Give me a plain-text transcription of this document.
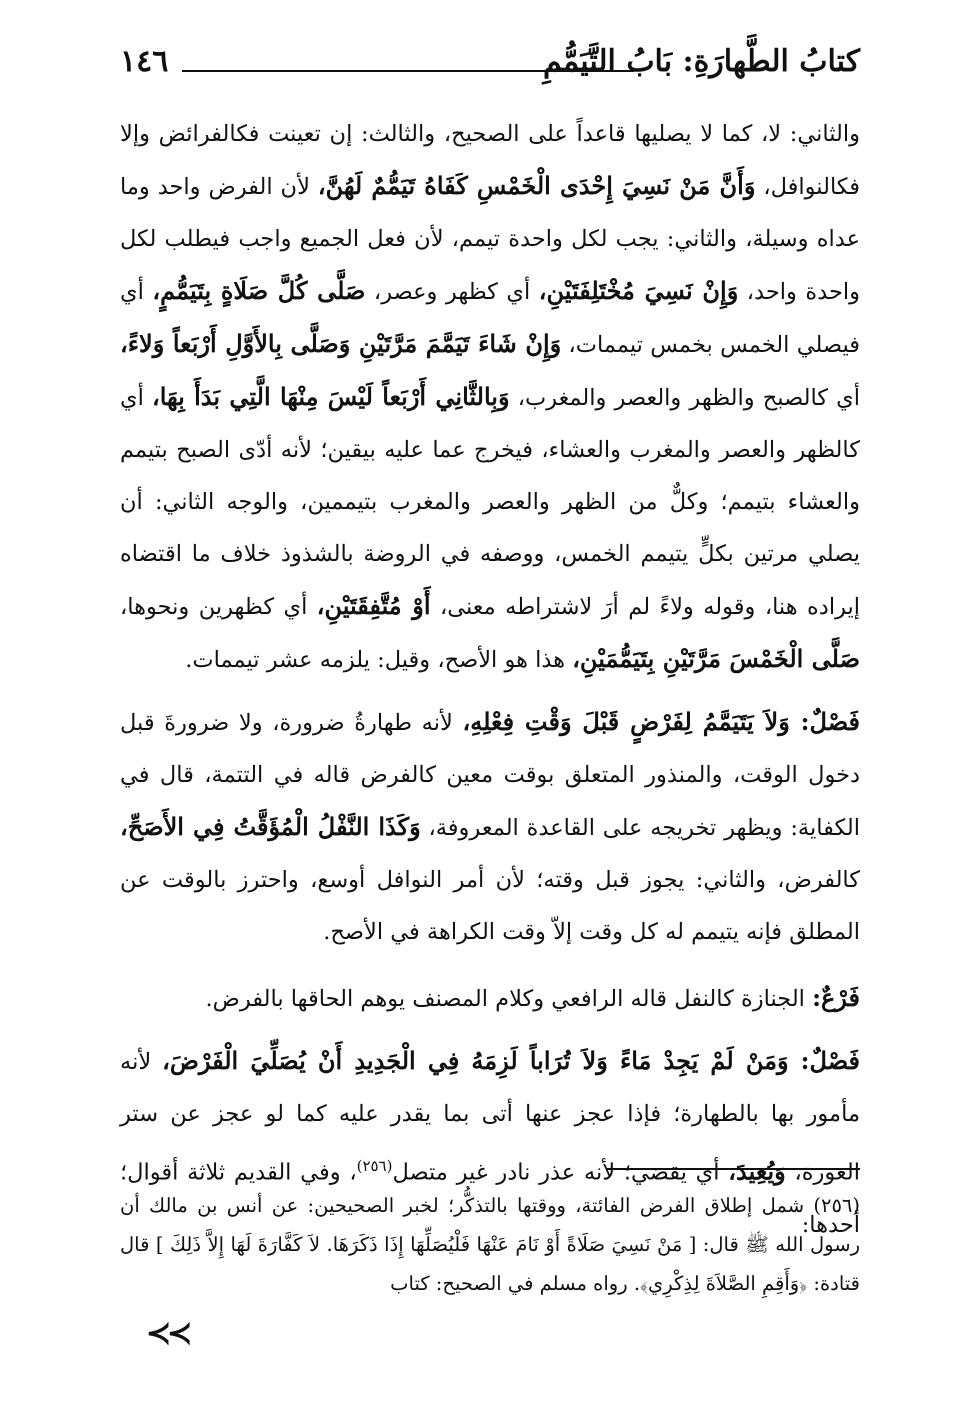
كتابُ الطَّهارَةِ: بَابُ التَّيَمُّمِ
١٤٦

والثاني: لا، كما لا يصليها قاعداً على الصحيح، والثالث: إن تعينت فكالفرائض وإلا فكالنوافل، وَأَنَّ مَنْ نَسِيَ إِحْدَى الْخَمْسِ كَفَاهُ تَيَمُّمٌ لَهُنَّ، لأن الفرض واحد وما عداه وسيلة، والثاني: يجب لكل واحدة تيمم، لأن فعل الجميع واجب فيطلب لكل واحدة واحد، وَإِنْ نَسِيَ مُخْتَلِفَتَيْنِ، أي كظهر وعصر، صَلَّى كُلَّ صَلَاةٍ بِتَيَمُّمٍ، أي فيصلي الخمس بخمس تيممات، وَإِنْ شَاءَ تَيَمَّمَ مَرَّتَيْنِ وَصَلَّى بِالأَوَّلِ أَرْبَعاً وَلاءً، أي كالصبح والظهر والعصر والمغرب، وَبِالثَّانِي أَرْبَعاً لَيْسَ مِنْهَا الَّتِي بَدَأَ بِهَا، أي كالظهر والعصر والمغرب والعشاء، فيخرج عما عليه بيقين؛ لأنه أدّى الصبح بتيمم والعشاء بتيمم؛ وكلٌّ من الظهر والعصر والمغرب بتيممين، والوجه الثاني: أن يصلي مرتين بكلٍّ يتيمم الخمس، ووصفه في الروضة بالشذوذ خلاف ما اقتضاه إيراده هنا، وقوله ولاءً لم أرَ لاشتراطه معنى، أَوْ مُتَّفِقَتَيْنِ، أي كظهرين ونحوها، صَلَّى الْخَمْسَ مَرَّتَيْنِ بِتَيَمُّمَيْنِ، هذا هو الأصح، وقيل: يلزمه عشر تيممات.

فَصْلٌ: وَلاَ يَتَيَمَّمُ لِفَرْضٍ قَبْلَ وَقْتِ فِعْلِهِ، لأنه طهارةُ ضرورة، ولا ضرورةَ قبل دخول الوقت، والمنذور المتعلق بوقت معين كالفرض قاله في التتمة، قال في الكفاية: ويظهر تخريجه على القاعدة المعروفة، وَكَذَا النَّفْلُ الْمُؤَقَّتُ فِي الأَصَحِّ، كالفرض، والثاني: يجوز قبل وقته؛ لأن أمر النوافل أوسع، واحترز بالوقت عن المطلق فإنه يتيمم له كل وقت إلاّ وقت الكراهة في الأصح.

فَرْعٌ: الجنازة كالنفل قاله الرافعي وكلام المصنف يوهم الحاقها بالفرض.

فَصْلٌ: وَمَنْ لَمْ يَجِدْ مَاءً وَلاَ تُرَاباً لَزِمَهُ فِي الْجَدِيدِ أَنْ يُصَلِّيَ الْفَرْضَ، لأنه مأمور بها بالطهارة؛ فإذا عجز عنها أتى بما يقدر عليه كما لو عجز عن ستر العورة، وَيُعِيدَ، أي يقضي؛ لأنه عذر نادر غير متصل$^{(٢٥٦)}$، وفي القديم ثلاثة أقوال؛ أحدها:

(٢٥٦) شمل إطلاق الفرض الفائتة، ووقتها بالتذكُّر؛ لخبر الصحيحين: عن أنس بن مالك أن رسول الله ﷺ قال: [ مَنْ نَسِيَ صَلَاةً أَوْ نَامَ عَنْهَا فَلْيُصَلِّهَا إِذَا ذَكَرَهَا. لاَ كَفَّارَةَ لَهَا إِلاَّ ذَلِكَ ] قال قتادة: ﴿وَأَقِمِ الصَّلاَةَ لِذِكْرِي﴾. رواه مسلم في الصحيح: كتاب

≺≺
